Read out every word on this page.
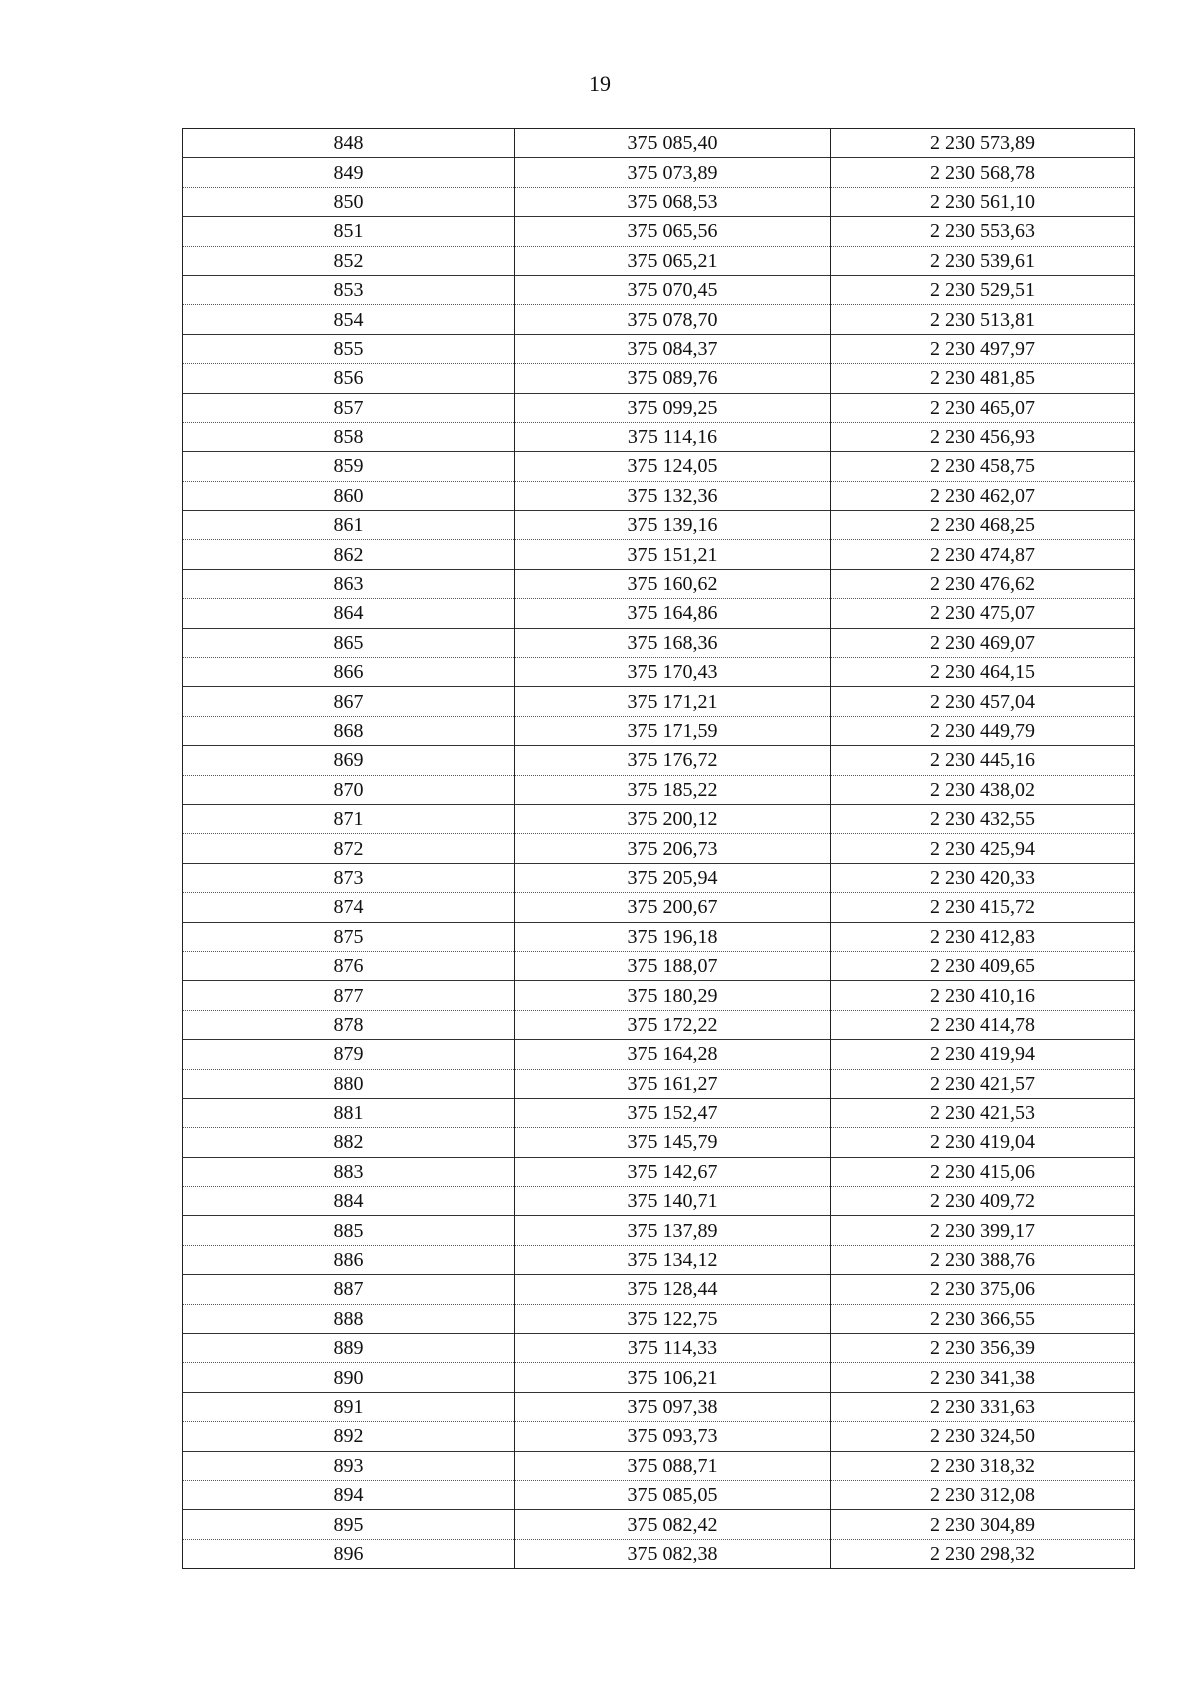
19
848	375 085,40	2 230 573,89
849	375 073,89	2 230 568,78
850	375 068,53	2 230 561,10
851	375 065,56	2 230 553,63
852	375 065,21	2 230 539,61
853	375 070,45	2 230 529,51
854	375 078,70	2 230 513,81
855	375 084,37	2 230 497,97
856	375 089,76	2 230 481,85
857	375 099,25	2 230 465,07
858	375 114,16	2 230 456,93
859	375 124,05	2 230 458,75
860	375 132,36	2 230 462,07
861	375 139,16	2 230 468,25
862	375 151,21	2 230 474,87
863	375 160,62	2 230 476,62
864	375 164,86	2 230 475,07
865	375 168,36	2 230 469,07
866	375 170,43	2 230 464,15
867	375 171,21	2 230 457,04
868	375 171,59	2 230 449,79
869	375 176,72	2 230 445,16
870	375 185,22	2 230 438,02
871	375 200,12	2 230 432,55
872	375 206,73	2 230 425,94
873	375 205,94	2 230 420,33
874	375 200,67	2 230 415,72
875	375 196,18	2 230 412,83
876	375 188,07	2 230 409,65
877	375 180,29	2 230 410,16
878	375 172,22	2 230 414,78
879	375 164,28	2 230 419,94
880	375 161,27	2 230 421,57
881	375 152,47	2 230 421,53
882	375 145,79	2 230 419,04
883	375 142,67	2 230 415,06
884	375 140,71	2 230 409,72
885	375 137,89	2 230 399,17
886	375 134,12	2 230 388,76
887	375 128,44	2 230 375,06
888	375 122,75	2 230 366,55
889	375 114,33	2 230 356,39
890	375 106,21	2 230 341,38
891	375 097,38	2 230 331,63
892	375 093,73	2 230 324,50
893	375 088,71	2 230 318,32
894	375 085,05	2 230 312,08
895	375 082,42	2 230 304,89
896	375 082,38	2 230 298,32
